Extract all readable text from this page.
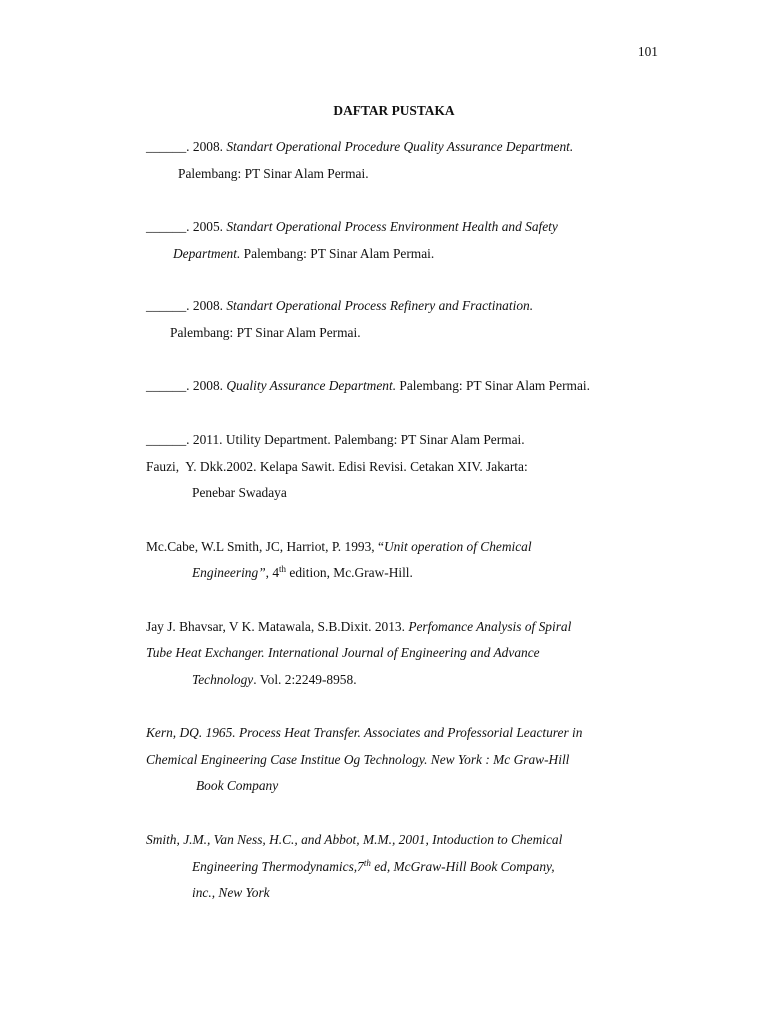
101
DAFTAR PUSTAKA
______. 2008. Standart Operational Procedure Quality Assurance Department.
Palembang: PT Sinar Alam Permai.
______. 2005. Standart Operational Process Environment Health and Safety
Department. Palembang: PT Sinar Alam Permai.
______. 2008. Standart Operational Process Refinery and Fractination.
Palembang: PT Sinar Alam Permai.
______. 2008. Quality Assurance Department. Palembang: PT Sinar Alam Permai.
______. 2011. Utility Department. Palembang: PT Sinar Alam Permai.
Fauzi,  Y. Dkk.2002. Kelapa Sawit. Edisi Revisi. Cetakan XIV. Jakarta:
Penebar Swadaya
Mc.Cabe, W.L Smith, JC, Harriot, P. 1993, “Unit operation of Chemical
Engineering”, 4th edition, Mc.Graw-Hill.
Jay J. Bhavsar, V K. Matawala, S.B.Dixit. 2013. Perfomance Analysis of Spiral
Tube Heat Exchanger. International Journal of Engineering and Advance
Technology. Vol. 2:2249-8958.
Kern, DQ. 1965. Process Heat Transfer. Associates and Professorial Leacturer in
Chemical Engineering Case Institue Og Technology. New York : Mc Graw-Hill
Book Company
Smith, J.M., Van Ness, H.C., and Abbot, M.M., 2001, Intoduction to Chemical
Engineering Thermodynamics,7th ed, McGraw-Hill Book Company,
inc., New York
